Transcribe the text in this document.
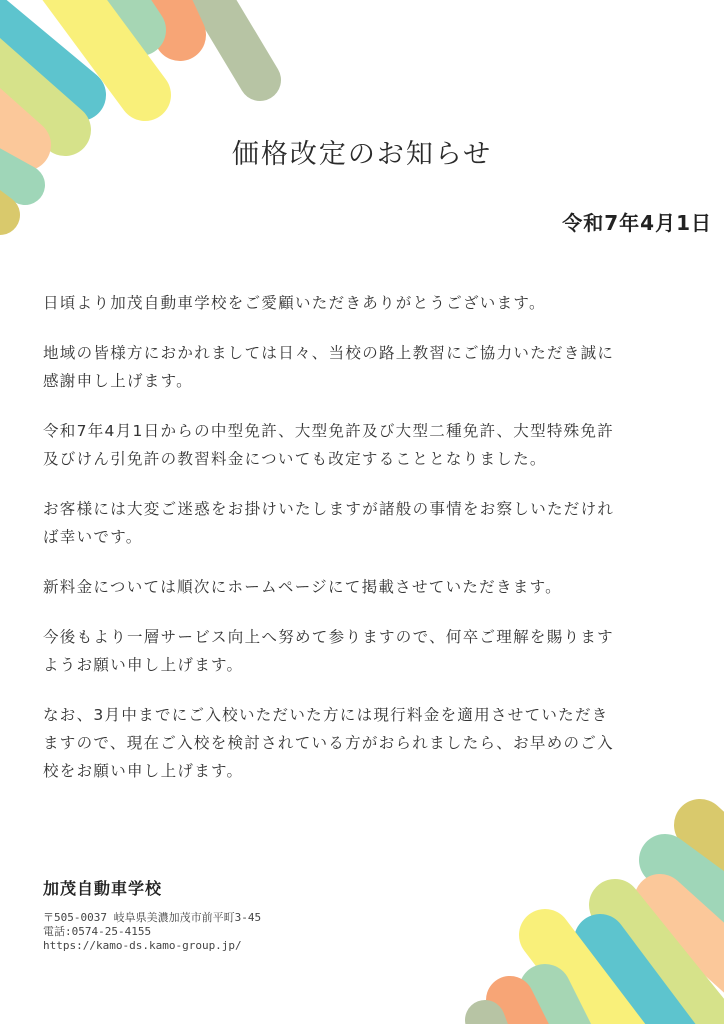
価格改定のお知らせ
令和7年4月1日

日頃より加茂自動車学校をご愛顧いただきありがとうございます。

地域の皆様方におかれましては日々、当校の路上教習にご協力いただき誠に
感謝申し上げます。

令和7年4月1日からの中型免許、大型免許及び大型二種免許、大型特殊免許
及びけん引免許の教習料金についても改定することとなりました。

お客様には大変ご迷惑をお掛けいたしますが諸般の事情をお察しいただけれ
ば幸いです。

新料金については順次にホームページにて掲載させていただきます。

今後もより一層サービス向上へ努めて参りますので、何卒ご理解を賜ります
ようお願い申し上げます。

なお、3月中までにご入校いただいた方には現行料金を適用させていただき
ますので、現在ご入校を検討されている方がおられましたら、お早めのご入
校をお願い申し上げます。

加茂自動車学校
〒505-0037 岐阜県美濃加茂市前平町3-45
電話:0574-25-4155
https://kamo-ds.kamo-group.jp/
